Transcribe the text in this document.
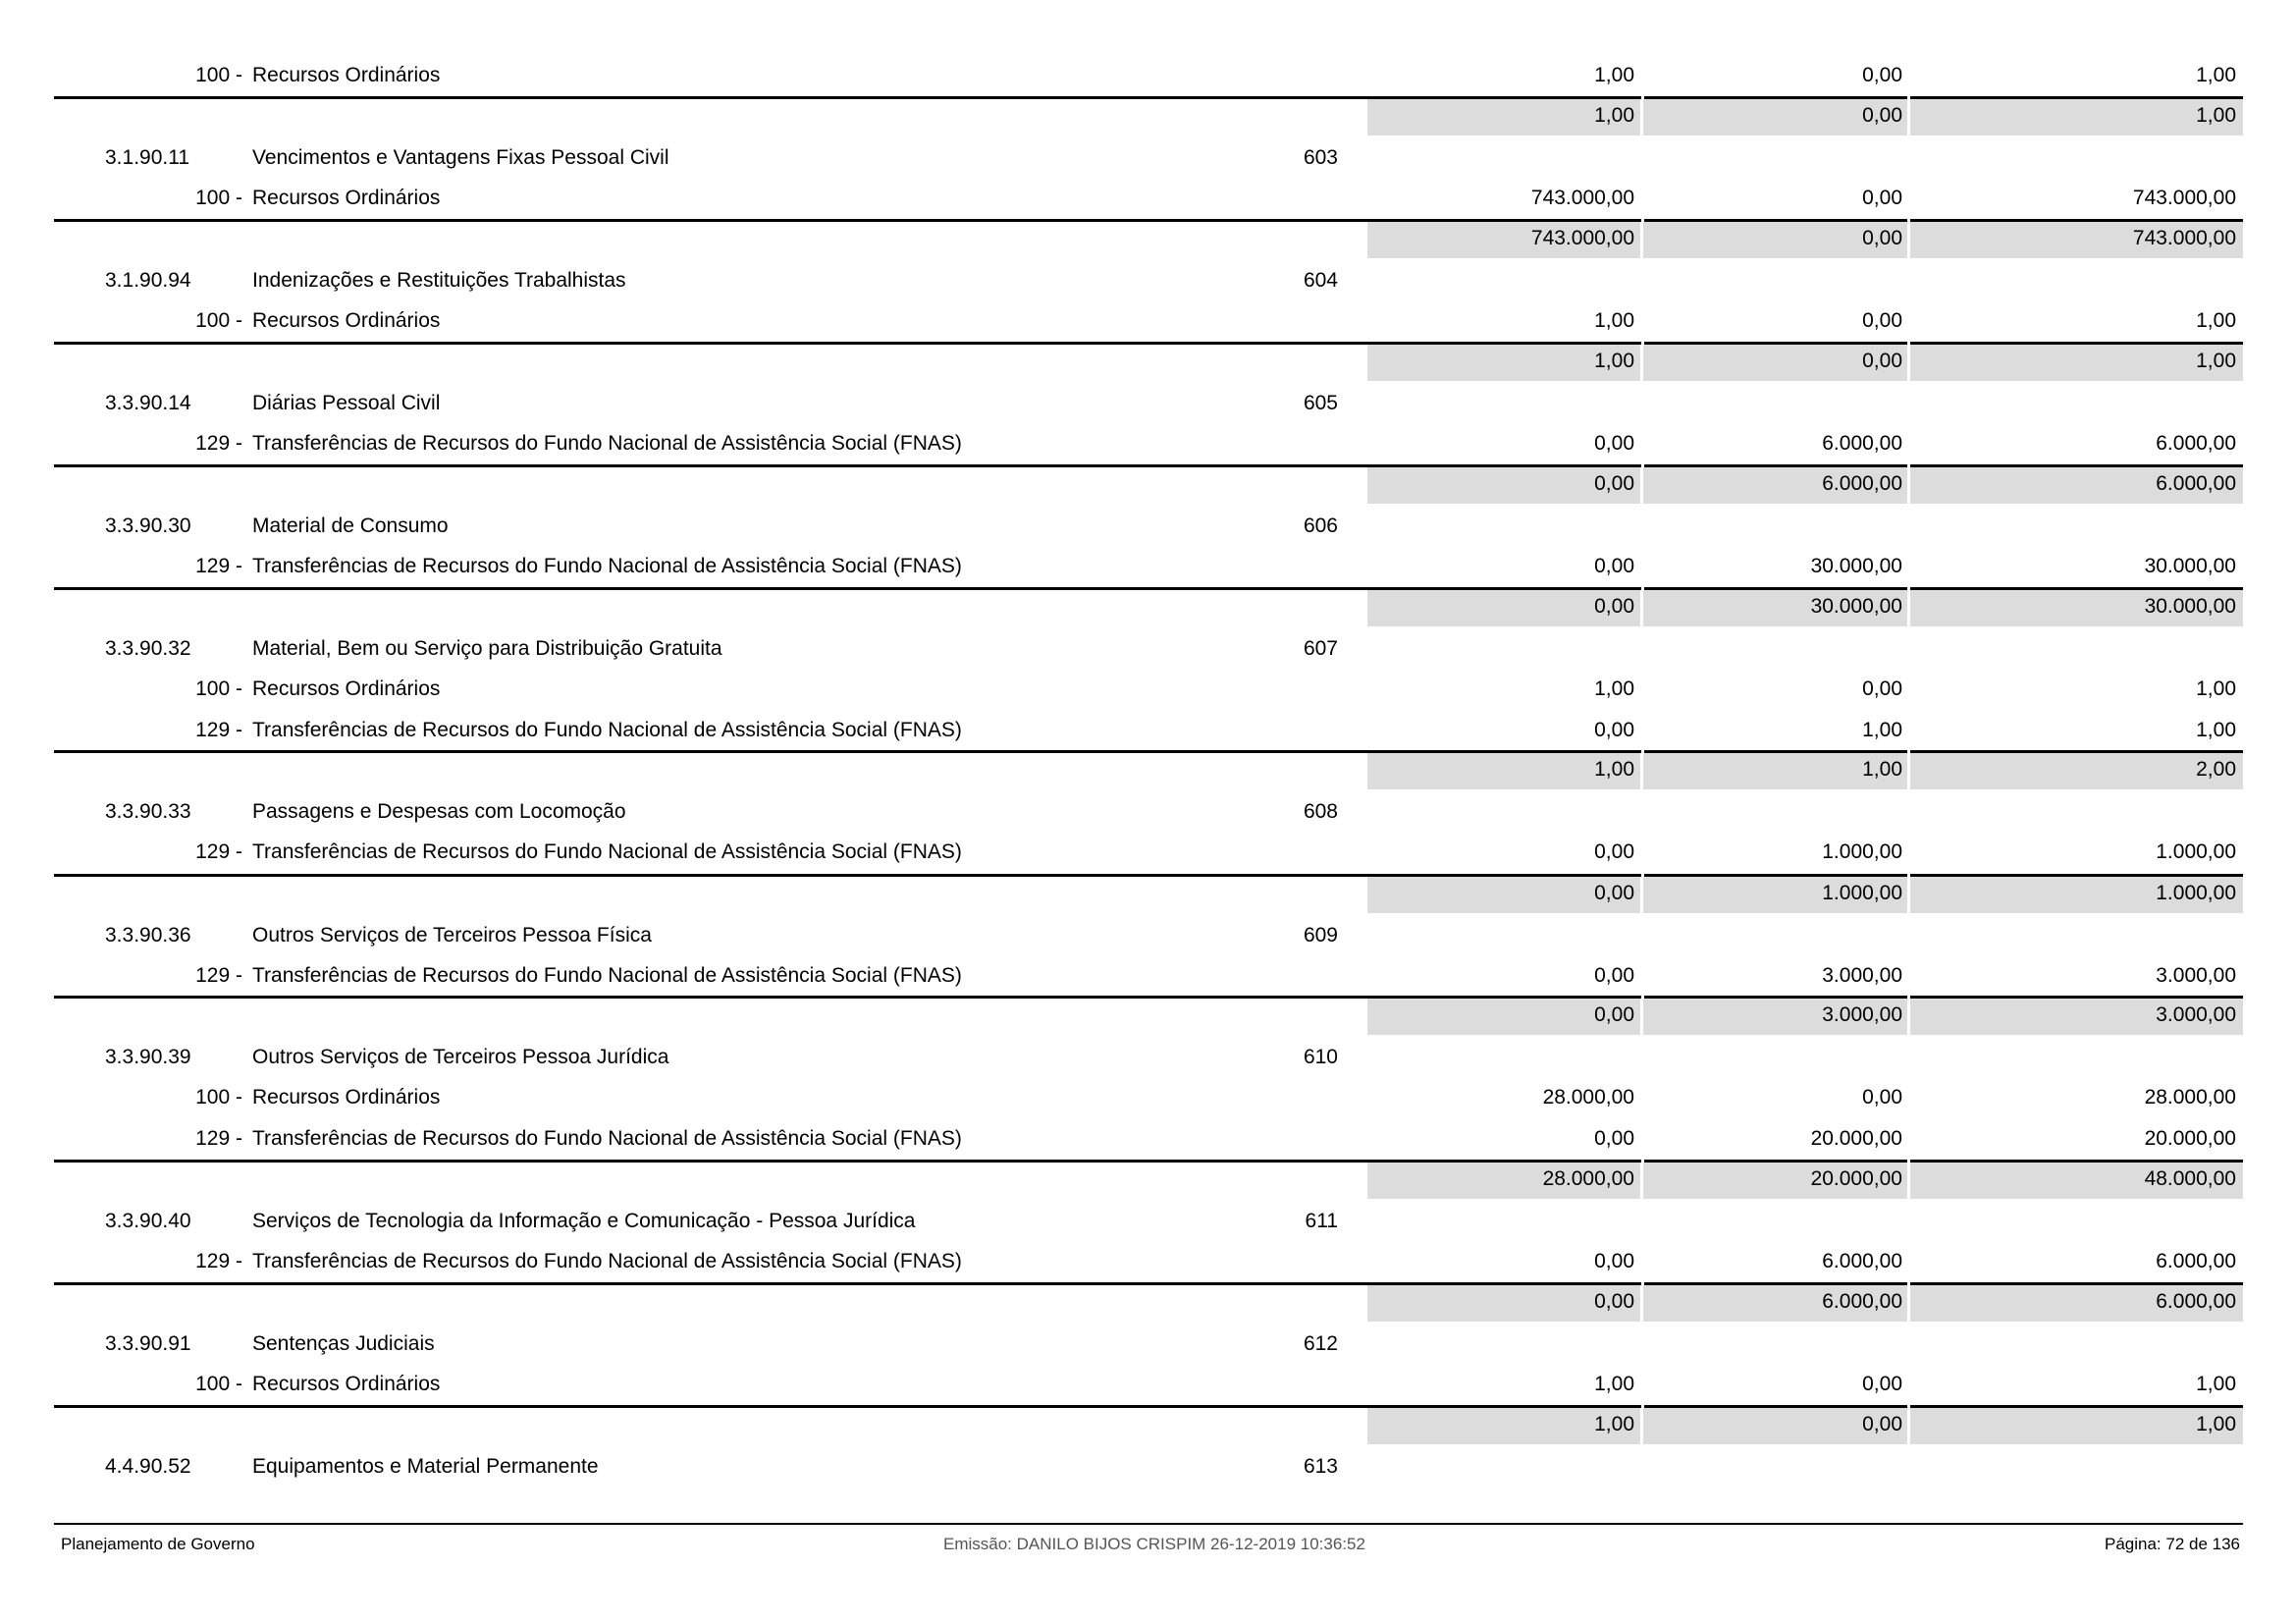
100 - Recursos Ordinários	1,00	0,00	1,00
1,00	0,00	1,00
3.1.90.11	Vencimentos e Vantagens Fixas Pessoal Civil	603
100 - Recursos Ordinários	743.000,00	0,00	743.000,00
743.000,00	0,00	743.000,00
3.1.90.94	Indenizações e Restituições Trabalhistas	604
100 - Recursos Ordinários	1,00	0,00	1,00
1,00	0,00	1,00
3.3.90.14	Diárias Pessoal Civil	605
129 - Transferências de Recursos do Fundo Nacional de Assistência Social (FNAS)	0,00	6.000,00	6.000,00
0,00	6.000,00	6.000,00
3.3.90.30	Material de Consumo	606
129 - Transferências de Recursos do Fundo Nacional de Assistência Social (FNAS)	0,00	30.000,00	30.000,00
0,00	30.000,00	30.000,00
3.3.90.32	Material, Bem ou Serviço para Distribuição Gratuita	607
100 - Recursos Ordinários	1,00	0,00	1,00
129 - Transferências de Recursos do Fundo Nacional de Assistência Social (FNAS)	0,00	1,00	1,00
1,00	1,00	2,00
3.3.90.33	Passagens e Despesas com Locomoção	608
129 - Transferências de Recursos do Fundo Nacional de Assistência Social (FNAS)	0,00	1.000,00	1.000,00
0,00	1.000,00	1.000,00
3.3.90.36	Outros Serviços de Terceiros Pessoa Física	609
129 - Transferências de Recursos do Fundo Nacional de Assistência Social (FNAS)	0,00	3.000,00	3.000,00
0,00	3.000,00	3.000,00
3.3.90.39	Outros Serviços de Terceiros Pessoa Jurídica	610
100 - Recursos Ordinários	28.000,00	0,00	28.000,00
129 - Transferências de Recursos do Fundo Nacional de Assistência Social (FNAS)	0,00	20.000,00	20.000,00
28.000,00	20.000,00	48.000,00
3.3.90.40	Serviços de Tecnologia da Informação e Comunicação - Pessoa Jurídica	611
129 - Transferências de Recursos do Fundo Nacional de Assistência Social (FNAS)	0,00	6.000,00	6.000,00
0,00	6.000,00	6.000,00
3.3.90.91	Sentenças Judiciais	612
100 - Recursos Ordinários	1,00	0,00	1,00
1,00	0,00	1,00
4.4.90.52	Equipamentos e Material Permanente	613
Planejamento de Governo	Emissão: DANILO BIJOS CRISPIM 26-12-2019 10:36:52	Página: 72 de 136
